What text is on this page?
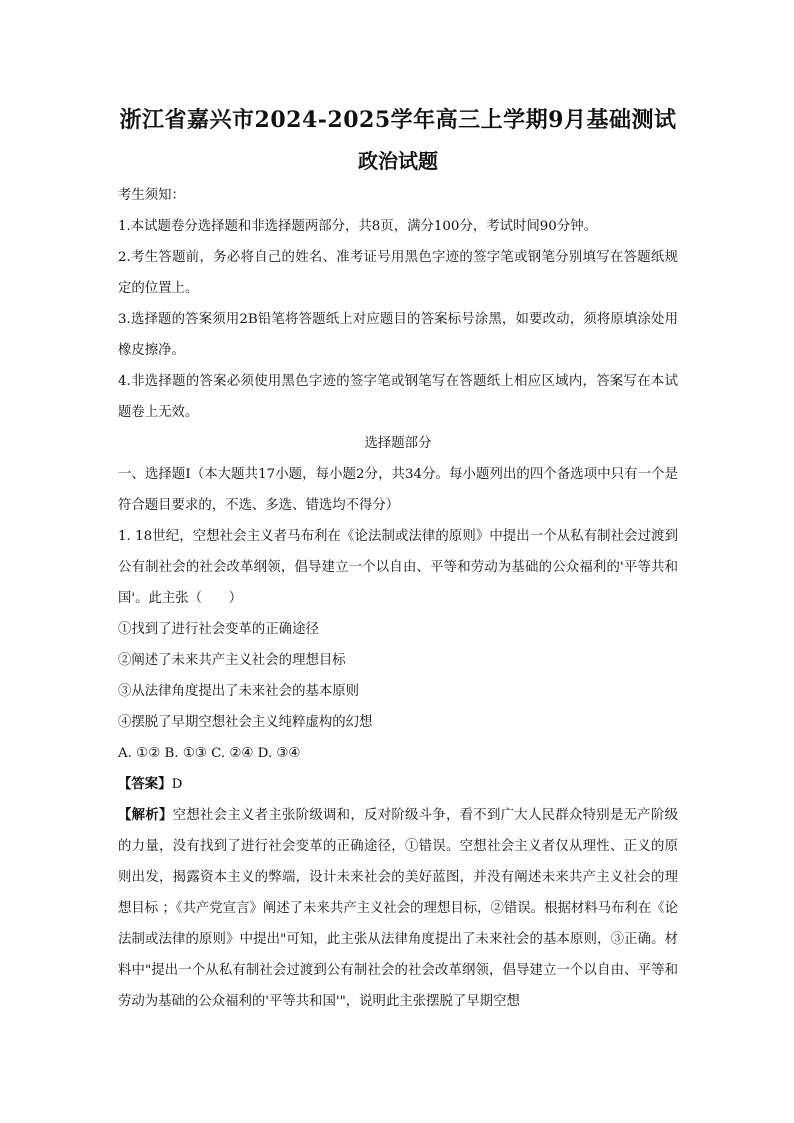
浙江省嘉兴市2024-2025学年高三上学期9月基础测试
政治试题

考生须知：

1.本试题卷分选择题和非选择题两部分，共8页，满分100分，考试时间90分钟。

2.考生答题前，务必将自己的姓名、准考证号用黑色字迹的签字笔或钢笔分别填写在答题纸规定的位置上。

3.选择题的答案须用2B铅笔将答题纸上对应题目的答案标号涂黑，如要改动，须将原填涂处用橡皮擦净。

4.非选择题的答案必须使用黑色字迹的签字笔或钢笔写在答题纸上相应区域内，答案写在本试题卷上无效。

选择题部分

一、选择题Ⅰ（本大题共17小题，每小题2分，共34分。每小题列出的四个备选项中只有一个是符合题目要求的，不选、多选、错选均不得分）

1. 18世纪，空想社会主义者马布利在《论法制或法律的原则》中提出一个从私有制社会过渡到公有制社会的社会改革纲领，倡导建立一个以自由、平等和劳动为基础的公众福利的'平等共和国'。此主张（　　）

①找到了进行社会变革的正确途径

②阐述了未来共产主义社会的理想目标

③从法律角度提出了未来社会的基本原则

④摆脱了早期空想社会主义纯粹虚构的幻想

A. ①② B. ①③ C. ②④ D. ③④

【答案】D

【解析】空想社会主义者主张阶级调和，反对阶级斗争，看不到广大人民群众特别是无产阶级的力量，没有找到了进行社会变革的正确途径，①错误。空想社会主义者仅从理性、正义的原则出发，揭露资本主义的弊端，设计未来社会的美好蓝图，并没有阐述未来共产主义社会的理想目标 ；《共产党宣言》阐述了未来共产主义社会的理想目标，②错误。根据材料马布利在《论法制或法律的原则》中提出"可知，此主张从法律角度提出了未来社会的基本原则，③正确。材料中"提出一个从私有制社会过渡到公有制社会的社会改革纲领，倡导建立一个以自由、平等和劳动为基础的公众福利的'平等共和国'"，说明此主张摆脱了早期空想
